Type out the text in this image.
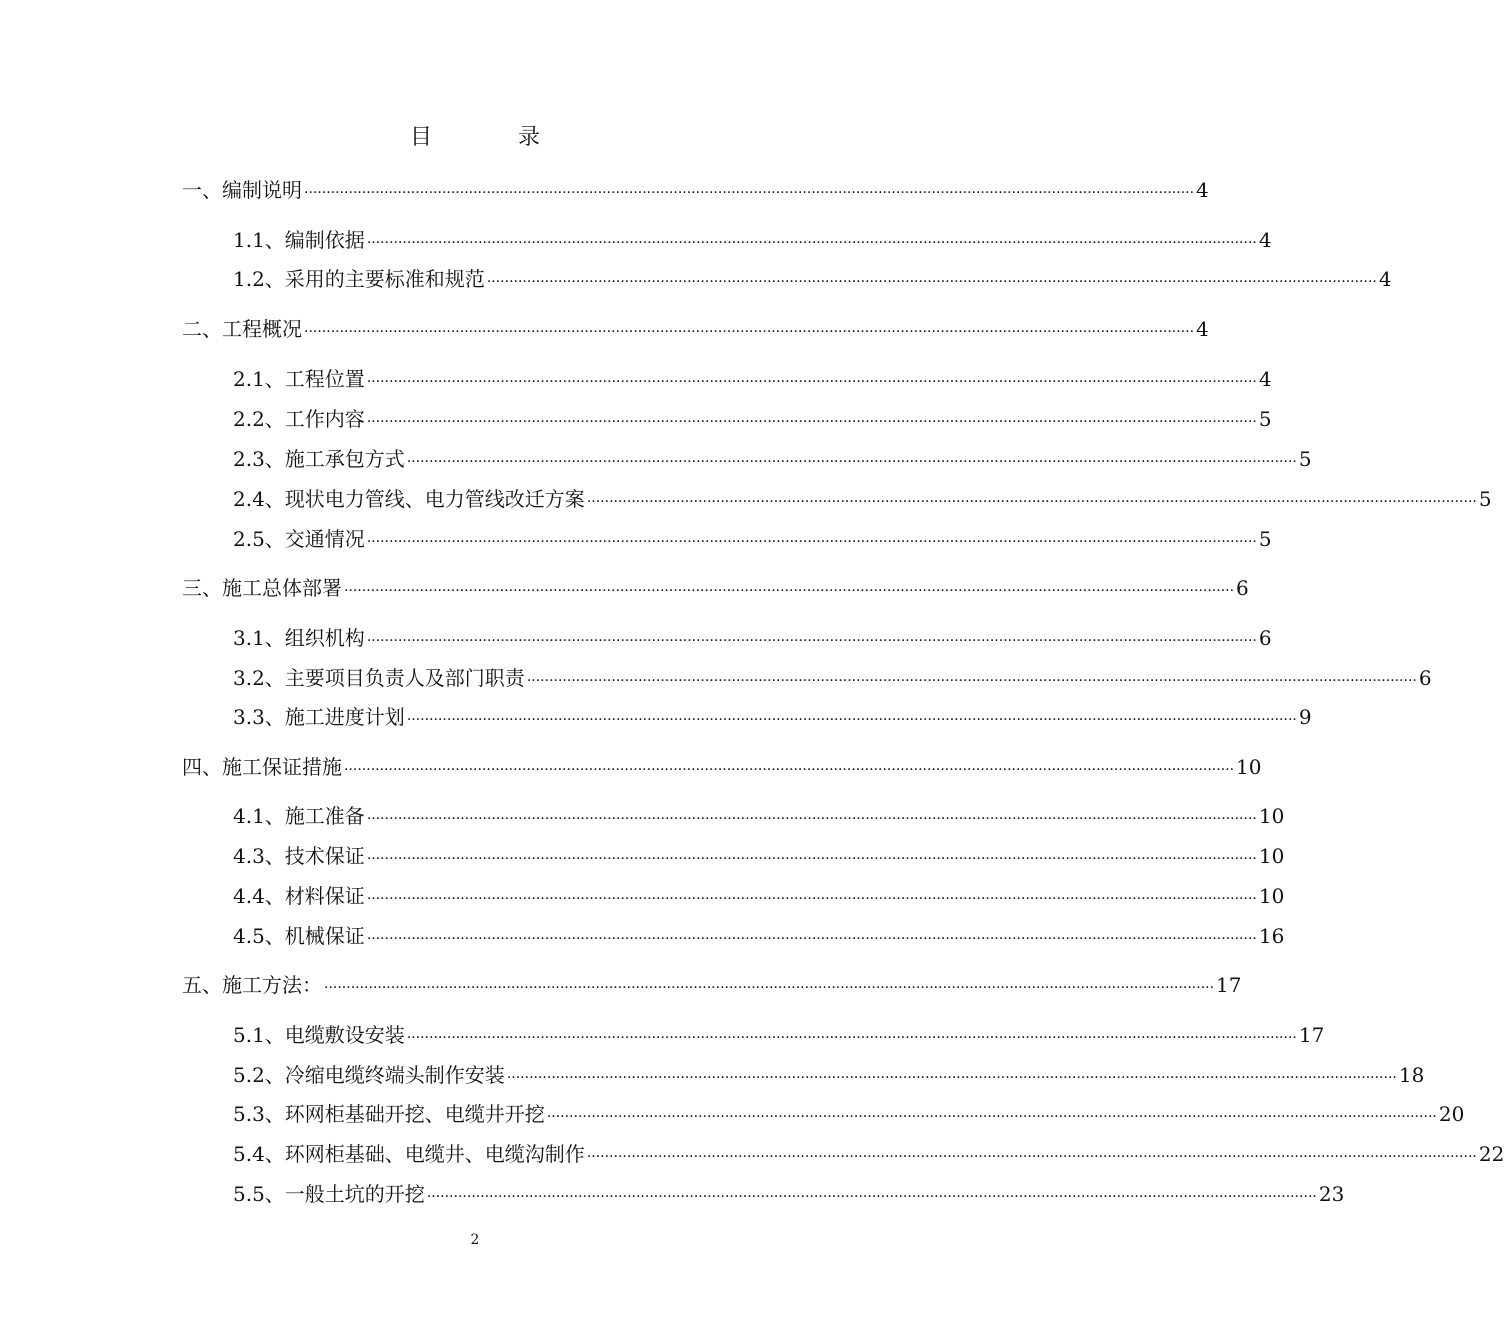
目　录
一、编制说明 ········································································································································································································ 4
1.1、编制依据 ········································································································································································································ 4
1.2、采用的主要标准和规范 ········································································································································································································ 4
二、工程概况 ········································································································································································································ 4
2.1、工程位置 ········································································································································································································ 4
2.2、工作内容 ········································································································································································································ 5
2.3、施工承包方式 ········································································································································································································ 5
2.4、现状电力管线、电力管线改迁方案 ········································································································································································································ 5
2.5、交通情况 ········································································································································································································ 5
三、施工总体部署 ········································································································································································································ 6
3.1、组织机构 ········································································································································································································ 6
3.2、主要项目负责人及部门职责 ········································································································································································································ 6
3.3、施工进度计划 ········································································································································································································ 9
四、施工保证措施 ········································································································································································································ 10
4.1、施工准备 ········································································································································································································ 10
4.3、技术保证 ········································································································································································································ 10
4.4、材料保证 ········································································································································································································ 10
4.5、机械保证 ········································································································································································································ 16
五、施工方法： ········································································································································································································ 17
5.1、电缆敷设安装 ········································································································································································································ 17
5.2、冷缩电缆终端头制作安装 ········································································································································································································ 18
5.3、环网柜基础开挖、电缆井开挖 ········································································································································································································ 20
5.4、环网柜基础、电缆井、电缆沟制作 ········································································································································································································ 22
5.5、一般土坑的开挖 ········································································································································································································ 23
2
